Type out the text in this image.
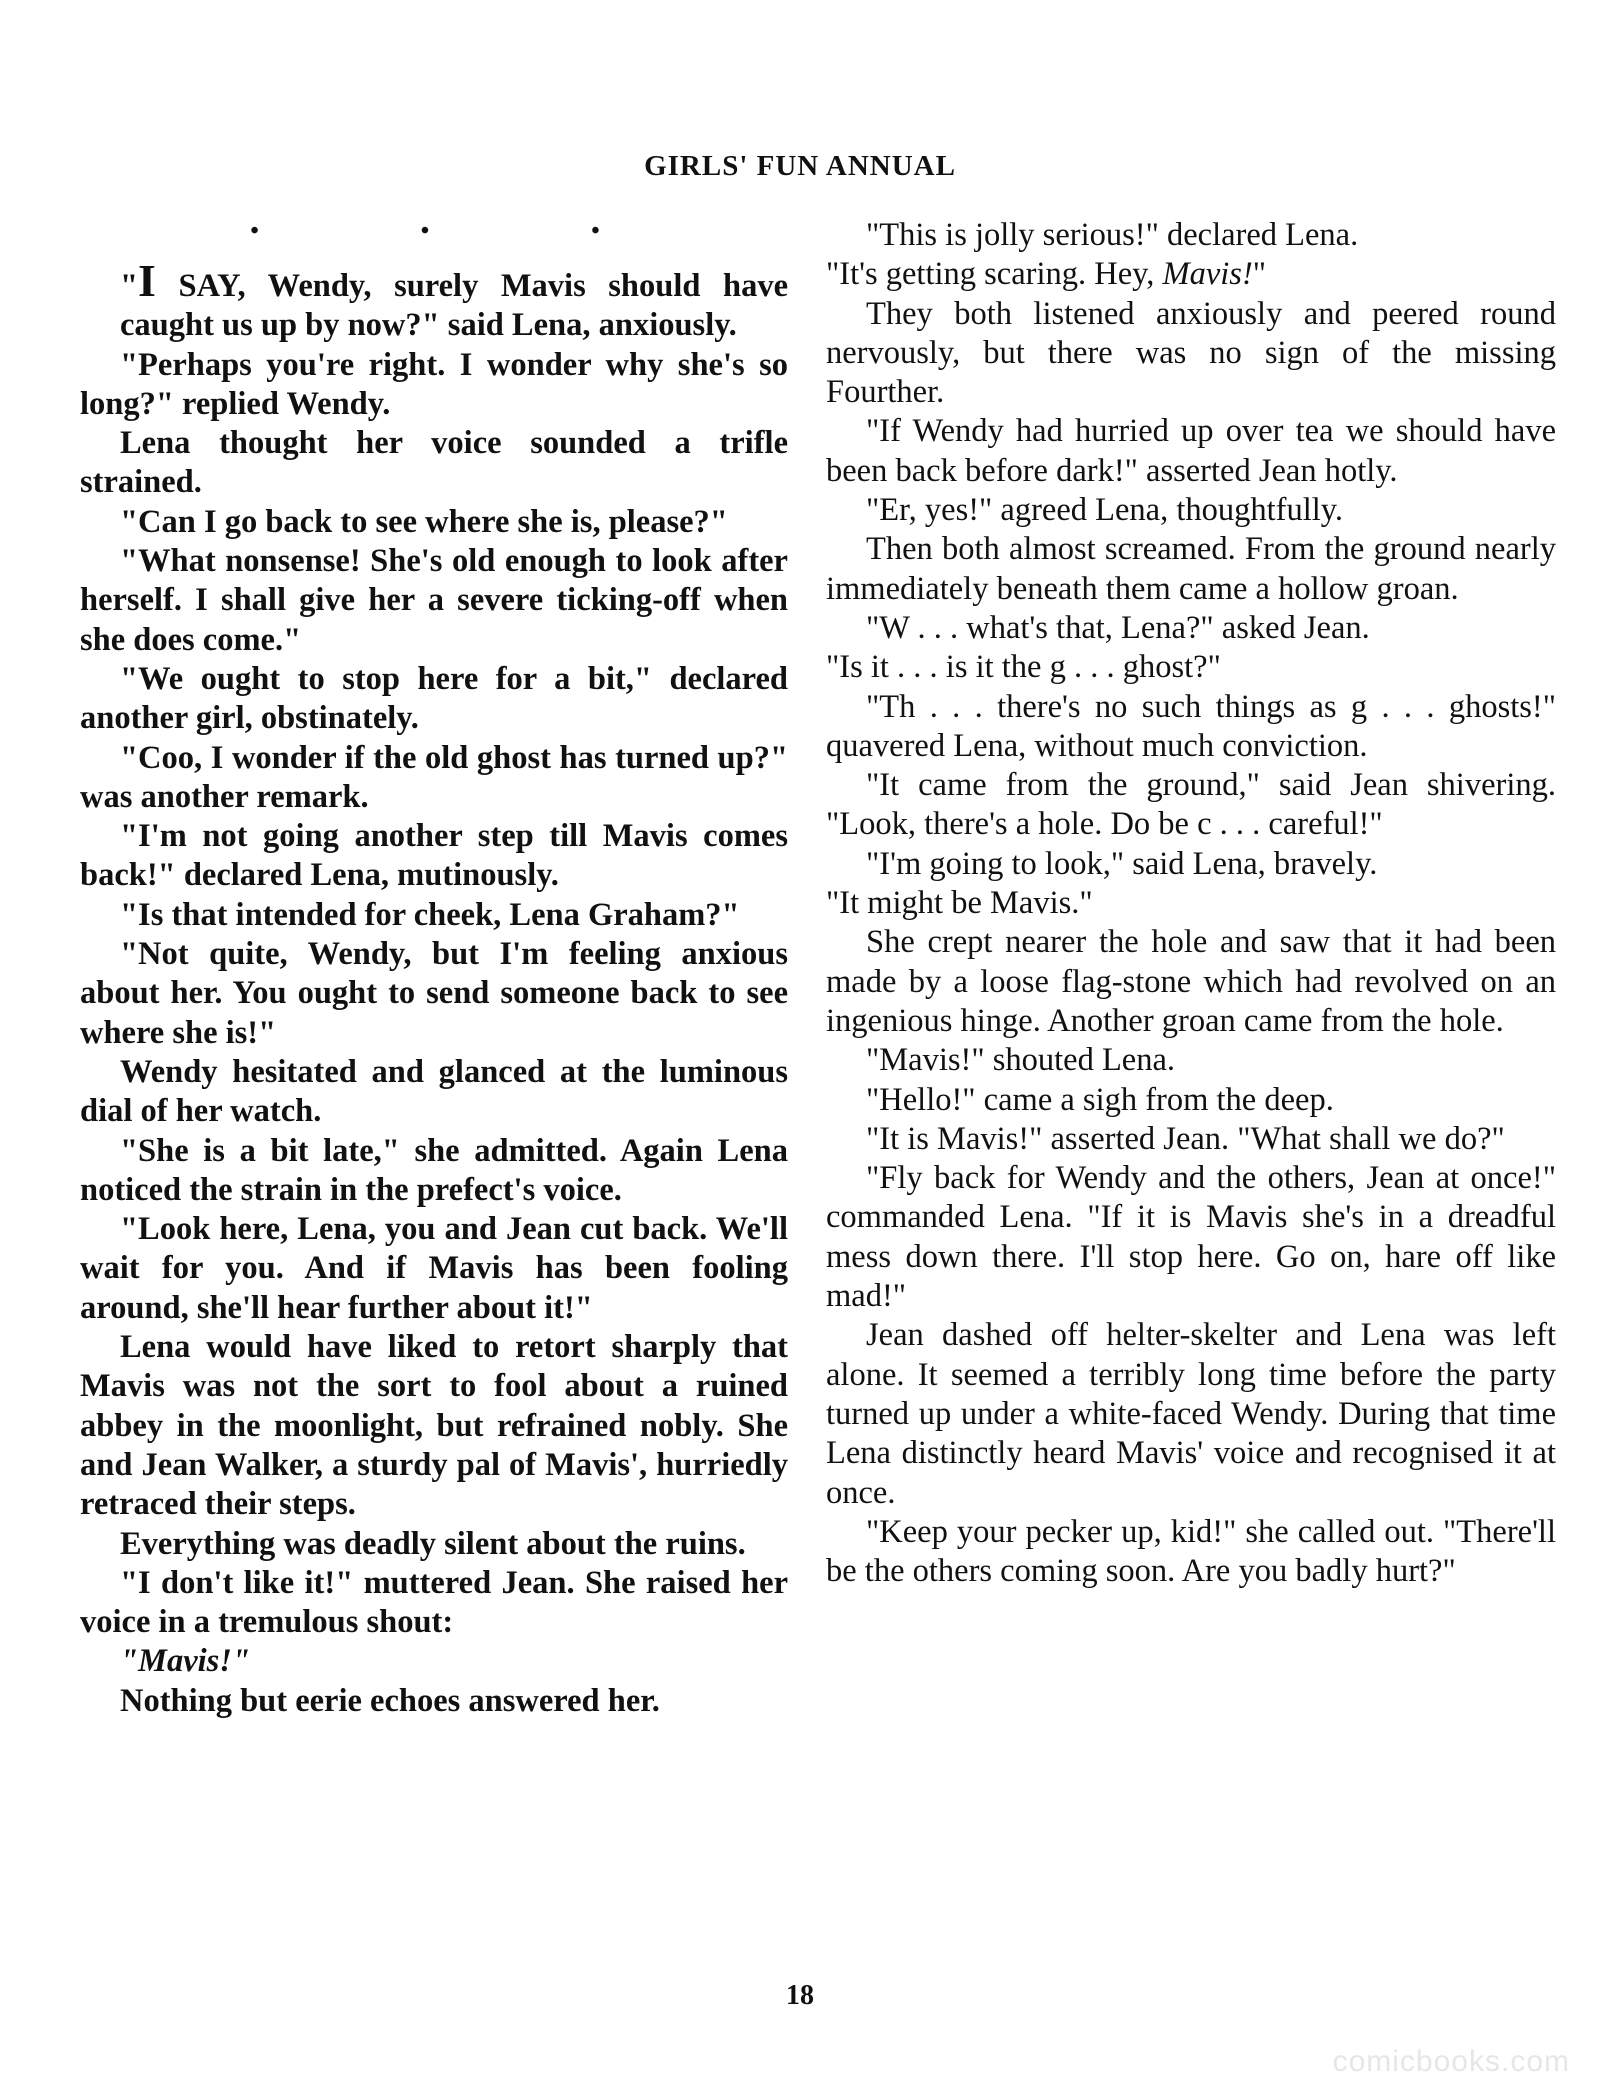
GIRLS' FUN ANNUAL
• • •

"I SAY, Wendy, surely Mavis should have caught us up by now?" said Lena, anxiously.

"Perhaps you're right. I wonder why she's so long?" replied Wendy.

Lena thought her voice sounded a trifle strained.

"Can I go back to see where she is, please?"

"What nonsense! She's old enough to look after herself. I shall give her a severe ticking-off when she does come."

"We ought to stop here for a bit," declared another girl, obstinately.

"Coo, I wonder if the old ghost has turned up?" was another remark.

"I'm not going another step till Mavis comes back!" declared Lena, mutinously.

"Is that intended for cheek, Lena Graham?"

"Not quite, Wendy, but I'm feeling anxious about her. You ought to send someone back to see where she is!"

Wendy hesitated and glanced at the luminous dial of her watch.

"She is a bit late," she admitted. Again Lena noticed the strain in the prefect's voice.

"Look here, Lena, you and Jean cut back. We'll wait for you. And if Mavis has been fooling around, she'll hear further about it!"

Lena would have liked to retort sharply that Mavis was not the sort to fool about a ruined abbey in the moonlight, but refrained nobly. She and Jean Walker, a sturdy pal of Mavis', hurriedly retraced their steps.

Everything was deadly silent about the ruins.

"I don't like it!" muttered Jean. She raised her voice in a tremulous shout:

"Mavis!"

Nothing but eerie echoes answered her.

"This is jolly serious!" declared Lena.

"It's getting scaring. Hey, Mavis!"

They both listened anxiously and peered round nervously, but there was no sign of the missing Fourther.

"If Wendy had hurried up over tea we should have been back before dark!" asserted Jean hotly.

"Er, yes!" agreed Lena, thoughtfully.

Then both almost screamed. From the ground nearly immediately beneath them came a hollow groan.

"W . . . what's that, Lena?" asked Jean.

"Is it . . . is it the g . . . ghost?"

"Th . . . there's no such things as g . . . ghosts!" quavered Lena, without much conviction.

"It came from the ground," said Jean shivering. "Look, there's a hole. Do be c . . . careful!"

"I'm going to look," said Lena, bravely.

"It might be Mavis."

She crept nearer the hole and saw that it had been made by a loose flag-stone which had revolved on an ingenious hinge. Another groan came from the hole.

"Mavis!" shouted Lena.

"Hello!" came a sigh from the deep.

"It is Mavis!" asserted Jean. "What shall we do?"

"Fly back for Wendy and the others, Jean at once!" commanded Lena. "If it is Mavis she's in a dreadful mess down there. I'll stop here. Go on, hare off like mad!"

Jean dashed off helter-skelter and Lena was left alone. It seemed a terribly long time before the party turned up under a white-faced Wendy. During that time Lena distinctly heard Mavis' voice and recognised it at once.

"Keep your pecker up, kid!" she called out. "There'll be the others coming soon. Are you badly hurt?"

18
comicbooks.com
